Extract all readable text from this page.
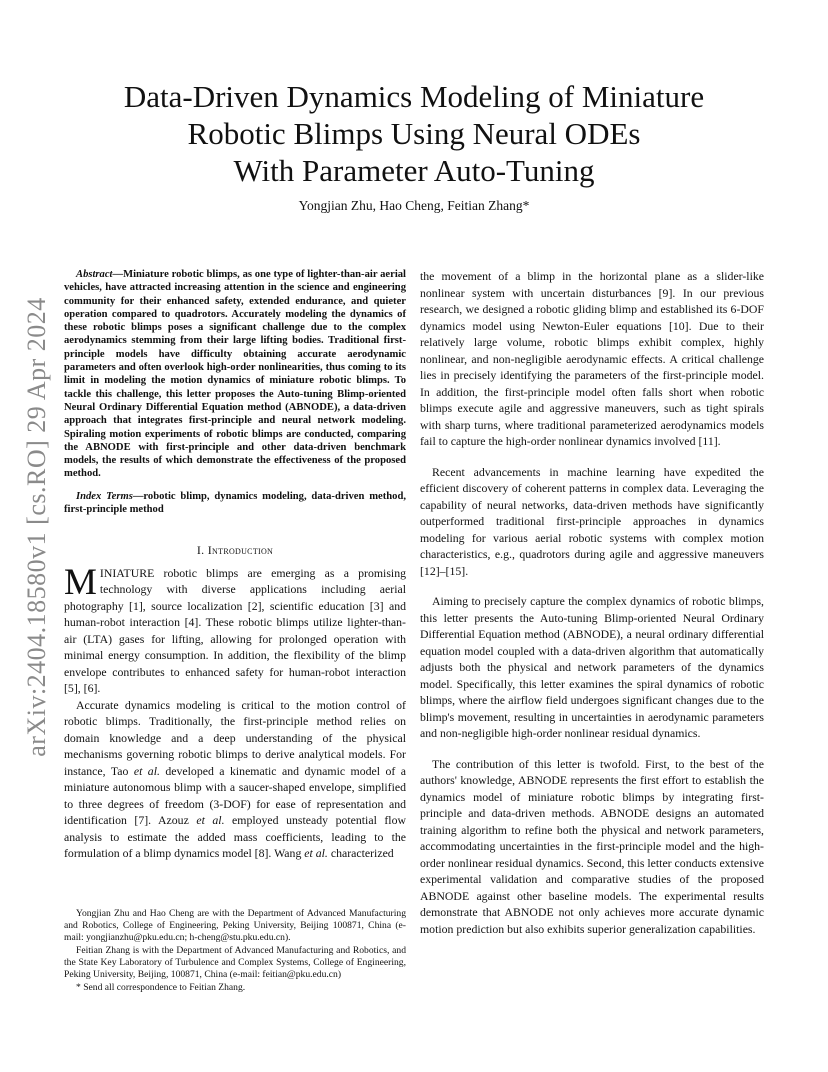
arXiv:2404.18580v1 [cs.RO] 29 Apr 2024
Data-Driven Dynamics Modeling of Miniature
Robotic Blimps Using Neural ODEs
With Parameter Auto-Tuning

Yongjian Zhu, Hao Cheng, Feitian Zhang*

Abstract—Miniature robotic blimps, as one type of lighter-than-air aerial vehicles, have attracted increasing attention in the science and engineering community for their enhanced safety, extended endurance, and quieter operation compared to quadrotors. Accurately modeling the dynamics of these robotic blimps poses a significant challenge due to the complex aerodynamics stemming from their large lifting bodies. Traditional first-principle models have difficulty obtaining accurate aerodynamic parameters and often overlook high-order nonlinearities, thus coming to its limit in modeling the motion dynamics of miniature robotic blimps. To tackle this challenge, this letter proposes the Auto-tuning Blimp-oriented Neural Ordinary Differential Equation method (ABNODE), a data-driven approach that integrates first-principle and neural network modeling. Spiraling motion experiments of robotic blimps are conducted, comparing the ABNODE with first-principle and other data-driven benchmark models, the results of which demonstrate the effectiveness of the proposed method.

Index Terms—robotic blimp, dynamics modeling, data-driven method, first-principle method

I. Introduction

MINIATURE robotic blimps are emerging as a promising technology with diverse applications including aerial photography [1], source localization [2], scientific education [3] and human-robot interaction [4]. These robotic blimps utilize lighter-than-air (LTA) gases for lifting, allowing for prolonged operation with minimal energy consumption. In addition, the flexibility of the blimp envelope contributes to enhanced safety for human-robot interaction [5], [6].

Accurate dynamics modeling is critical to the motion control of robotic blimps. Traditionally, the first-principle method relies on domain knowledge and a deep understanding of the physical mechanisms governing robotic blimps to derive analytical models. For instance, Tao et al. developed a kinematic and dynamic model of a miniature autonomous blimp with a saucer-shaped envelope, simplified to three degrees of freedom (3-DOF) for ease of representation and identification [7]. Azouz et al. employed unsteady potential flow analysis to estimate the added mass coefficients, leading to the formulation of a blimp dynamics model [8]. Wang et al. characterized

Yongjian Zhu and Hao Cheng are with the Department of Advanced Manufacturing and Robotics, College of Engineering, Peking University, Beijing 100871, China (e-mail: yongjianzhu@pku.edu.cn; h-cheng@stu.pku.edu.cn).

Feitian Zhang is with the Department of Advanced Manufacturing and Robotics, and the State Key Laboratory of Turbulence and Complex Systems, College of Engineering, Peking University, Beijing, 100871, China (e-mail: feitian@pku.edu.cn)

* Send all correspondence to Feitian Zhang.

the movement of a blimp in the horizontal plane as a slider-like nonlinear system with uncertain disturbances [9]. In our previous research, we designed a robotic gliding blimp and established its 6-DOF dynamics model using Newton-Euler equations [10]. Due to their relatively large volume, robotic blimps exhibit complex, highly nonlinear, and non-negligible aerodynamic effects. A critical challenge lies in precisely identifying the parameters of the first-principle model. In addition, the first-principle model often falls short when robotic blimps execute agile and aggressive maneuvers, such as tight spirals with sharp turns, where traditional parameterized aerodynamics models fail to capture the high-order nonlinear dynamics involved [11].

Recent advancements in machine learning have expedited the efficient discovery of coherent patterns in complex data. Leveraging the capability of neural networks, data-driven methods have significantly outperformed traditional first-principle approaches in dynamics modeling for various aerial robotic systems with complex motion characteristics, e.g., quadrotors during agile and aggressive maneuvers [12]–[15].

Aiming to precisely capture the complex dynamics of robotic blimps, this letter presents the Auto-tuning Blimp-oriented Neural Ordinary Differential Equation method (ABNODE), a neural ordinary differential equation model coupled with a data-driven algorithm that automatically adjusts both the physical and network parameters of the dynamics model. Specifically, this letter examines the spiral dynamics of robotic blimps, where the airflow field undergoes significant changes due to the blimp's movement, resulting in uncertainties in aerodynamic parameters and non-negligible high-order nonlinear residual dynamics.

The contribution of this letter is twofold. First, to the best of the authors' knowledge, ABNODE represents the first effort to establish the dynamics model of miniature robotic blimps by integrating first-principle and data-driven methods. ABNODE designs an automated training algorithm to refine both the physical and network parameters, accommodating uncertainties in the first-principle model and the high-order nonlinear residual dynamics. Second, this letter conducts extensive experimental validation and comparative studies of the proposed ABNODE against other baseline models. The experimental results demonstrate that ABNODE not only achieves more accurate dynamic motion prediction but also exhibits superior generalization capabilities.
